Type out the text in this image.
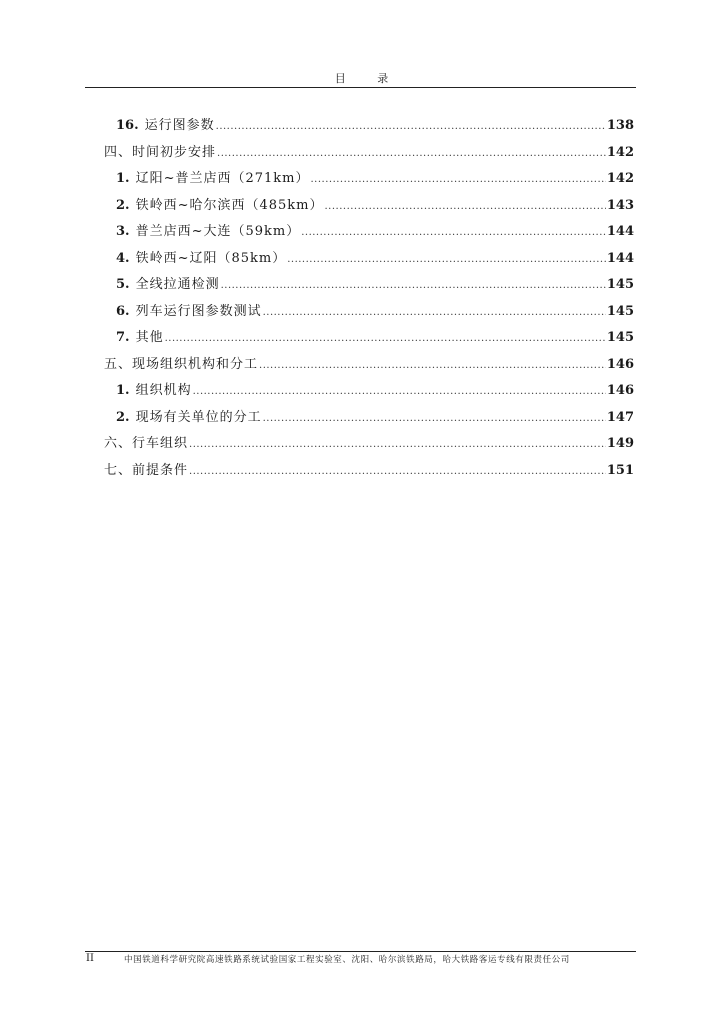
目 录
16. 运行图参数 .....	138
四、时间初步安排 .....	142
1. 辽阳~普兰店西（271km） .....	142
2. 铁岭西~哈尔滨西（485km） .....	143
3. 普兰店西~大连（59km） .....	144
4. 铁岭西~辽阳（85km） .....	144
5. 全线拉通检测 .....	145
6. 列车运行图参数测试 .....	145
7. 其他 .....	145
五、现场组织机构和分工 .....	146
1. 组织机构 .....	146
2. 现场有关单位的分工 .....	147
六、行车组织 .....	149
七、前提条件 .....	151
II	中国铁道科学研究院高速铁路系统试验国家工程实验室、沈阳、哈尔滨铁路局，哈大铁路客运专线有限责任公司
